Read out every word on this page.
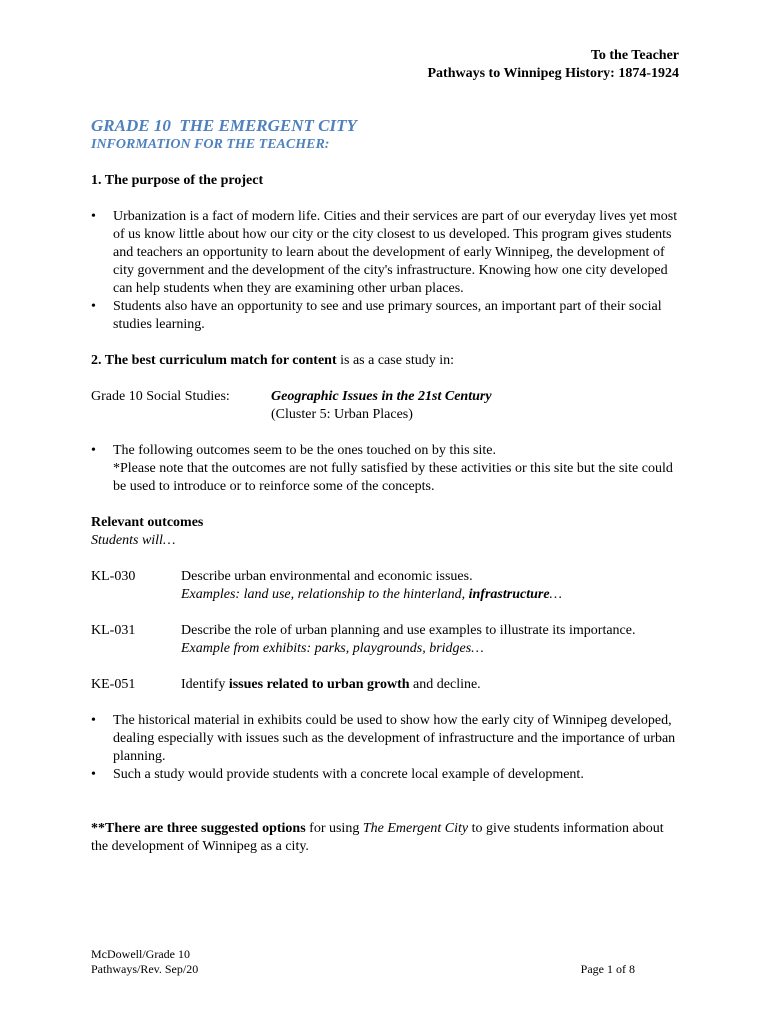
To the Teacher
Pathways to Winnipeg History: 1874-1924

GRADE 10  THE EMERGENT CITY

INFORMATION FOR THE TEACHER:

1. The purpose of the project

• Urbanization is a fact of modern life. Cities and their services are part of our everyday lives yet most of us know little about how our city or the city closest to us developed. This program gives students and teachers an opportunity to learn about the development of early Winnipeg, the development of city government and the development of the city's infrastructure. Knowing how one city developed can help students when they are examining other urban places.
• Students also have an opportunity to see and use primary sources, an important part of their social studies learning.

2. The best curriculum match for content is as a case study in:

Grade 10 Social Studies:	Geographic Issues in the 21st Century
(Cluster 5: Urban Places)
• The following outcomes seem to be the ones touched on by this site.
*Please note that the outcomes are not fully satisfied by these activities or this site but the site could be used to introduce or to reinforce some of the concepts.
Relevant outcomes
Students will…
KL-030	Describe urban environmental and economic issues.
Examples: land use, relationship to the hinterland, infrastructure…
KL-031	Describe the role of urban planning and use examples to illustrate its importance.
Example from exhibits: parks, playgrounds, bridges…
KE-051	Identify issues related to urban growth and decline.
• The historical material in exhibits could be used to show how the early city of Winnipeg developed, dealing especially with issues such as the development of infrastructure and the importance of urban planning.
• Such a study would provide students with a concrete local example of development.

**There are three suggested options for using The Emergent City to give students information about the development of Winnipeg as a city.

McDowell/Grade 10
Pathways/Rev. Sep/20	Page 1 of 8
